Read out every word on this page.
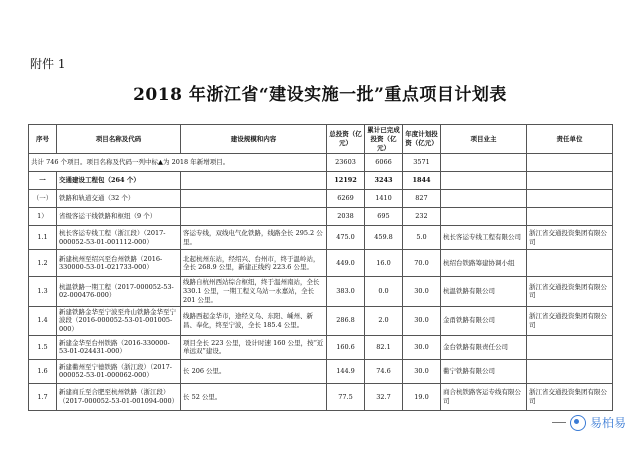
附件 1
2018 年浙江省“建设实施一批”重点项目计划表
序号	项目名称及代码	建设规模和内容	总投资（亿元）	累计已完成投资（亿元）	年度计划投资（亿元）	项目业主	责任单位
共计 746 个项目。项目名称及代码一列中标▲为 2018 年新增项目。			23603	6066	3571		
一	交通建设工程包（264 个）		12192	3243	1844		
（一）	铁路和轨道交通（32 个）		6269	1410	827		
1）	省级客运干线铁路和枢纽（9 个）		2038	695	232		
1.1	杭长客运专线工程（浙江段）（2017-000052-53-01-001112-000）	客运专线，双线电气化铁路，线路全长 295.2 公里。	475.0	459.8	5.0	杭长客运专线工程有限公司	浙江省交通投资集团有限公司
1.2	新建杭州至绍兴至台州铁路（2016-330000-53-01-021733-000）	北起杭州东站，经绍兴、台州市，终于温岭站，全长 268.9 公里，新建正线约 223.6 公里。	449.0	16.0	70.0	杭绍台铁路筹建协调小组	
1.3	杭温铁路一期工程（2017-000052-53-02-000476-000）	线路自杭州西站综合枢纽，终于温州南站，全长 330.1 公里，一期工程义乌站一永嘉站，全长 201 公里。	383.0	0.0	30.0	杭温铁路有限公司	浙江省交通投资集团有限公司
1.4	新建铁路金华至宁波至舟山铁路金华至宁波段（2016-000052-53-01-001005-000）	线路西起金华市，途经义乌、东阳、嵊州、新昌、奉化，终至宁波，全长 185.4 公里。	286.8	2.0	30.0	金甬铁路有限公司	浙江省交通投资集团有限公司
1.5	新建金华至台州铁路（2016-330000-53-01-024431-000）	项目全长 223 公里，设计时速 160 公里，按“近单远双”建设。	160.6	82.1	30.0	金台铁路有限责任公司	
1.6	新建衢州至宁德铁路（浙江段）（2017-000052-53-01-000062-000）	长 206 公里。	144.9	74.6	30.0	衢宁铁路有限公司	
1.7	新建商丘至合肥至杭州铁路（浙江段）（2017-000052-53-01-001094-000）	长 52 公里。	77.5	32.7	19.0	商合杭铁路客运专线有限公司	浙江省交通投资集团有限公司
易柏易
